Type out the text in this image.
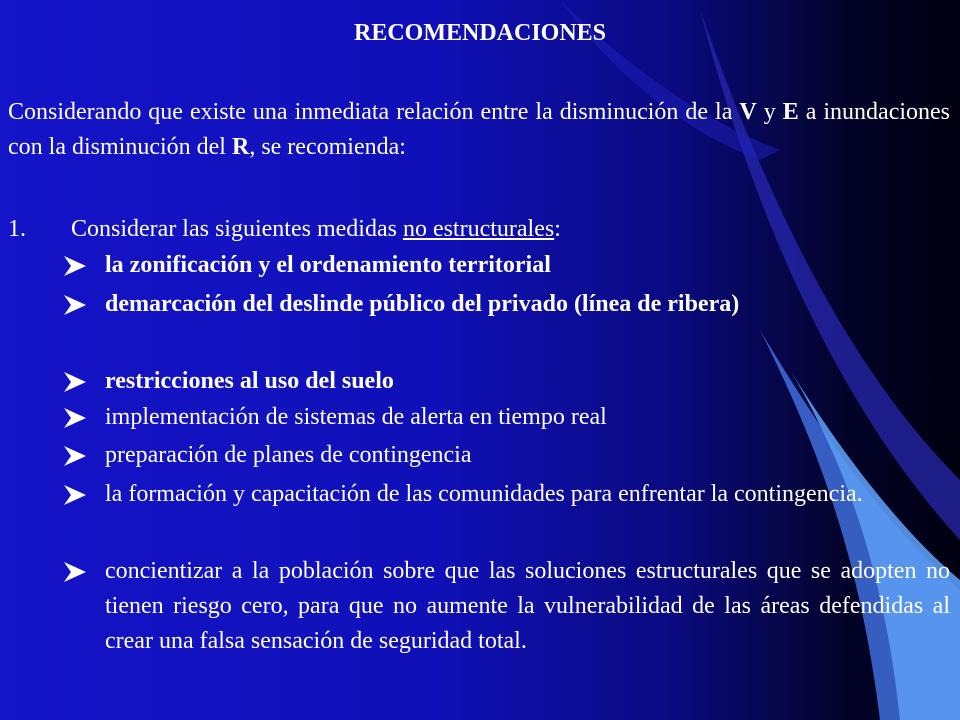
RECOMENDACIONES
Considerando que existe una inmediata relación entre la disminución de la V y E a inundaciones con la disminución del R, se recomienda:
1. Considerar las siguientes medidas no estructurales:
la zonificación y el ordenamiento territorial
demarcación del deslinde público del privado (línea de ribera)
restricciones al uso del suelo
implementación de sistemas de alerta en tiempo real
preparación de planes de contingencia
la formación y capacitación de las comunidades para enfrentar la contingencia.
concientizar a la población sobre que las soluciones estructurales que se adopten no tienen riesgo cero, para que no aumente la vulnerabilidad de las áreas defendidas al crear una falsa sensación de seguridad total.
